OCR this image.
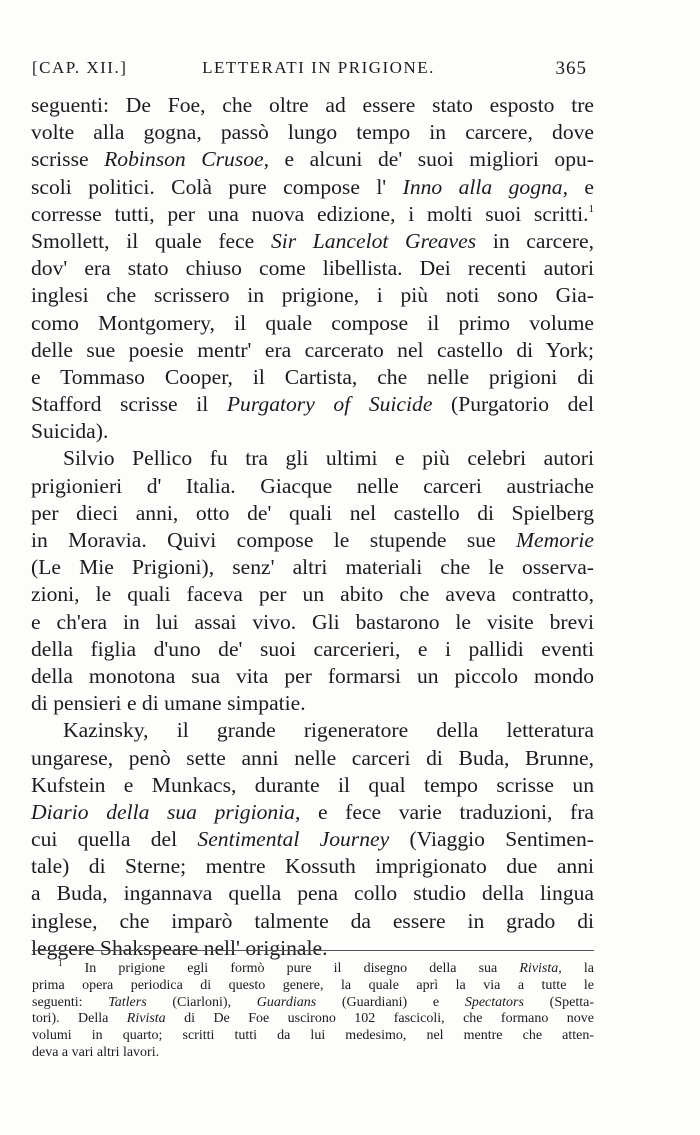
[CAP. XII.]	LETTERATI IN PRIGIONE.	365
seguenti: De Foe, che oltre ad essere stato esposto tre
volte alla gogna, passò lungo tempo in carcere, dove
scrisse Robinson Crusoe, e alcuni de' suoi migliori opu-
scoli politici. Colà pure compose l' Inno alla gogna, e
corresse tutti, per una nuova edizione, i molti suoi scritti.$^1$
Smollett, il quale fece Sir Lancelot Greaves in carcere,
dov' era stato chiuso come libellista. Dei recenti autori
inglesi che scrissero in prigione, i più noti sono Gia-
como Montgomery, il quale compose il primo volume
delle sue poesie mentr' era carcerato nel castello di York;
e Tommaso Cooper, il Cartista, che nelle prigioni di
Stafford scrisse il Purgatory of Suicide (Purgatorio del
Suicida).
Silvio Pellico fu tra gli ultimi e più celebri autori
prigionieri d' Italia. Giacque nelle carceri austriache
per dieci anni, otto de' quali nel castello di Spielberg
in Moravia. Quivi compose le stupende sue Memorie
(Le Mie Prigioni), senz' altri materiali che le osserva-
zioni, le quali faceva per un abito che aveva contratto,
e ch'era in lui assai vivo. Gli bastarono le visite brevi
della figlia d'uno de' suoi carcerieri, e i pallidi eventi
della monotona sua vita per formarsi un piccolo mondo
di pensieri e di umane simpatie.
Kazinsky, il grande rigeneratore della letteratura
ungarese, penò sette anni nelle carceri di Buda, Brunne,
Kufstein e Munkacs, durante il qual tempo scrisse un
Diario della sua prigionia, e fece varie traduzioni, fra
cui quella del Sentimental Journey (Viaggio Sentimen-
tale) di Sterne; mentre Kossuth imprigionato due anni
a Buda, ingannava quella pena collo studio della lingua
inglese, che imparò talmente da essere in grado di
leggere Shakspeare nell' originale.
$^1$ In prigione egli formò pure il disegno della sua Rivista, la
prima opera periodica di questo genere, la quale aprì la via a tutte le
seguenti: Tatlers (Ciarloni), Guardians (Guardiani) e Spectators (Spetta-
tori). Della Rivista di De Foe uscirono 102 fascicoli, che formano nove
volumi in quarto; scritti tutti da lui medesimo, nel mentre che atten-
deva a vari altri lavori.
